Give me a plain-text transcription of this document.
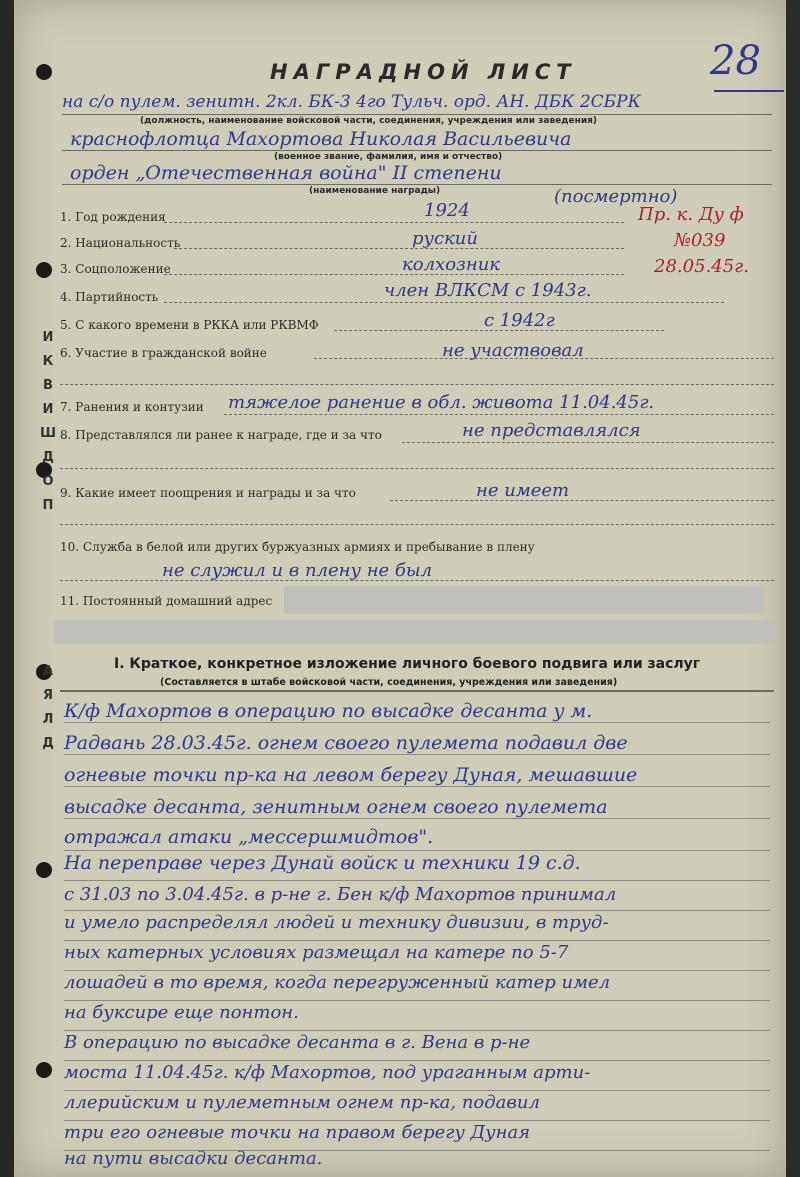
И
К
В
И
Ш
Д
О
П
А
Я
Л
Д
28
НАГРАДНОЙ ЛИСТ
на с/о пулем. зенитн. 2кл. БК-3 4го Тульч. орд. АН. ДБК 2СБРК
(должность, наименование войсковой части, соединения, учреждения или заведения)
краснофлотца Махортова Николая Васильевича
(военное звание, фамилия, имя и отчество)
орден „Отечественная война" II степени
(наименование награды)	(посмертно)
Пр. к. Ду ф
№039
28.05.45г.
1. Год рождения	1924
2. Национальность	руский
3. Соцположение	колхозник
4. Партийность	член ВЛКСМ с 1943г.
5. С какого времени в РККА или РКВМФ	с 1942г
6. Участие в гражданской войне	не участвовал
7. Ранения и контузии тяжелое ранение в обл. живота 11.04.45г.
8. Представлялся ли ранее к награде, где и за что	не представлялся
9. Какие имеет поощрения и награды и за что	не имеет
10. Служба в белой или других буржуазных армиях и пребывание в плену
не служил и в плену не был
11. Постоянный домашний адрес
I. Краткое, конкретное изложение личного боевого подвига или заслуг
(Составляется в штабе войсковой части, соединения, учреждения или заведения)
К/ф Махортов в операцию по высадке десанта у м.
Радвань 28.03.45г. огнем своего пулемета подавил две
огневые точки пр-ка на левом берегу Дуная, мешавшие
высадке десанта, зенитным огнем своего пулемета
отражал атаки „мессершмидтов".
На переправе через Дунай войск и техники 19 с.д.
с 31.03 по 3.04.45г. в р-не г. Бен к/ф Махортов принимал
и умело распределял людей и технику дивизии, в труд-
ных катерных условиях размещал на катере по 5-7
лошадей в то время, когда перегруженный катер имел
на буксире еще понтон.
В операцию по высадке десанта в г. Вена в р-не
моста 11.04.45г. к/ф Махортов, под ураганным арти-
ллерийским и пулеметным огнем пр-ка, подавил
три его огневые точки на правом берегу Дуная
на пути высадки десанта.
